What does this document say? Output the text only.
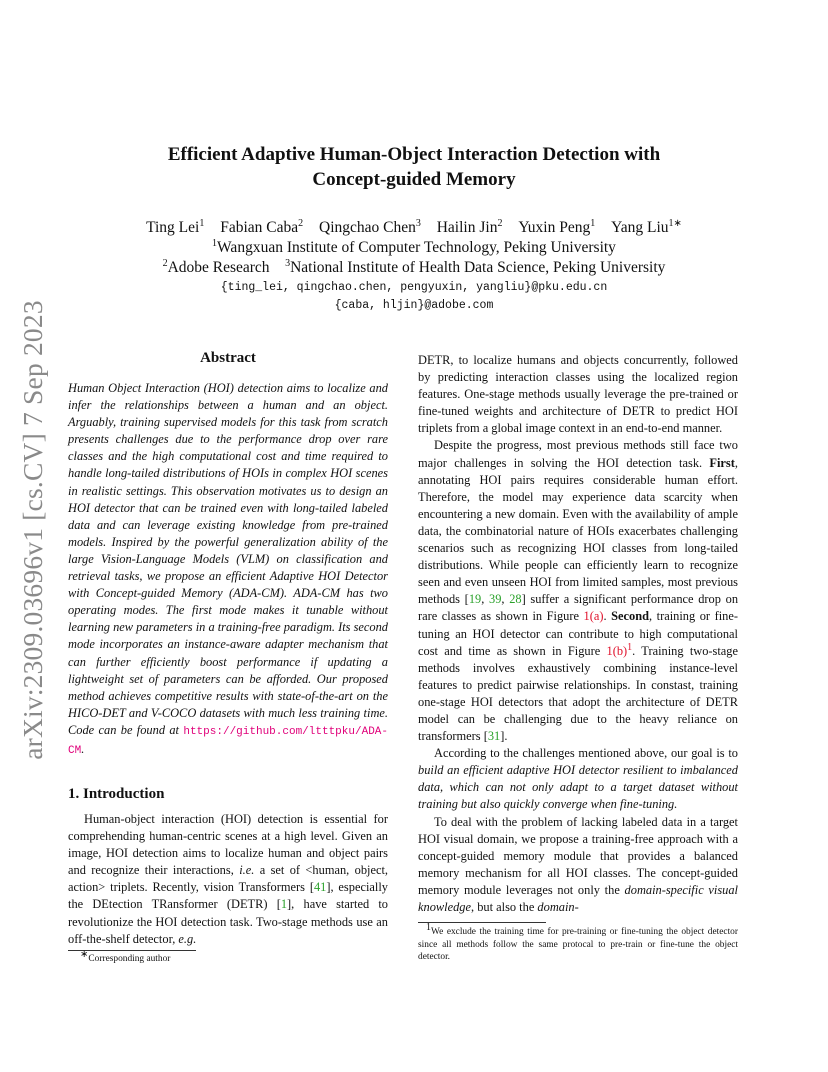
arXiv:2309.03696v1 [cs.CV] 7 Sep 2023
Efficient Adaptive Human-Object Interaction Detection with
Concept-guided Memory
Ting Lei$^1$ Fabian Caba$^2$ Qingchao Chen$^3$ Hailin Jin$^2$ Yuxin Peng$^1$ Yang Liu$^{1∗}$
$^1$Wangxuan Institute of Computer Technology, Peking University
$^2$Adobe Research $^3$National Institute of Health Data Science, Peking University
{ting_lei, qingchao.chen, pengyuxin, yangliu}@pku.edu.cn
{caba, hljin}@adobe.com
Abstract
Human Object Interaction (HOI) detection aims to localize and infer the relationships between a human and an object. Arguably, training supervised models for this task from scratch presents challenges due to the performance drop over rare classes and the high computational cost and time required to handle long-tailed distributions of HOIs in complex HOI scenes in realistic settings. This observation motivates us to design an HOI detector that can be trained even with long-tailed labeled data and can leverage existing knowledge from pre-trained models. Inspired by the powerful generalization ability of the large Vision-Language Models (VLM) on classification and retrieval tasks, we propose an efficient Adaptive HOI Detector with Concept-guided Memory (ADA-CM). ADA-CM has two operating modes. The first mode makes it tunable without learning new parameters in a training-free paradigm. Its second mode incorporates an instance-aware adapter mechanism that can further efficiently boost performance if updating a lightweight set of parameters can be afforded. Our proposed method achieves competitive results with state-of-the-art on the HICO-DET and V-COCO datasets with much less training time. Code can be found at https://github.com/ltttpku/ADA-CM.
1. Introduction

Human-object interaction (HOI) detection is essential for comprehending human-centric scenes at a high level. Given an image, HOI detection aims to localize human and object pairs and recognize their interactions, i.e. a set of <human, object, action> triplets. Recently, vision Transformers [41], especially the DEtection TRansformer (DETR) [1], have started to revolutionize the HOI detection task. Two-stage methods use an off-the-shelf detector, e.g.

∗Corresponding author

DETR, to localize humans and objects concurrently, followed by predicting interaction classes using the localized region features. One-stage methods usually leverage the pre-trained or fine-tuned weights and architecture of DETR to predict HOI triplets from a global image context in an end-to-end manner.

Despite the progress, most previous methods still face two major challenges in solving the HOI detection task. First, annotating HOI pairs requires considerable human effort. Therefore, the model may experience data scarcity when encountering a new domain. Even with the availability of ample data, the combinatorial nature of HOIs exacerbates challenging scenarios such as recognizing HOI classes from long-tailed distributions. While people can efficiently learn to recognize seen and even unseen HOI from limited samples, most previous methods [19, 39, 28] suffer a significant performance drop on rare classes as shown in Figure 1(a). Second, training or fine-tuning an HOI detector can contribute to high computational cost and time as shown in Figure 1(b)$^1$. Training two-stage methods involves exhaustively combining instance-level features to predict pairwise relationships. In constast, training one-stage HOI detectors that adopt the architecture of DETR model can be challenging due to the heavy reliance on transformers [31].

According to the challenges mentioned above, our goal is to build an efficient adaptive HOI detector resilient to imbalanced data, which can not only adapt to a target dataset without training but also quickly converge when fine-tuning.

To deal with the problem of lacking labeled data in a target HOI visual domain, we propose a training-free approach with a concept-guided memory module that provides a balanced memory mechanism for all HOI classes. The concept-guided memory module leverages not only the domain-specific visual knowledge, but also the domain-

$^1$We exclude the training time for pre-training or fine-tuning the object detector since all methods follow the same protocal to pre-train or fine-tune the object detector.
